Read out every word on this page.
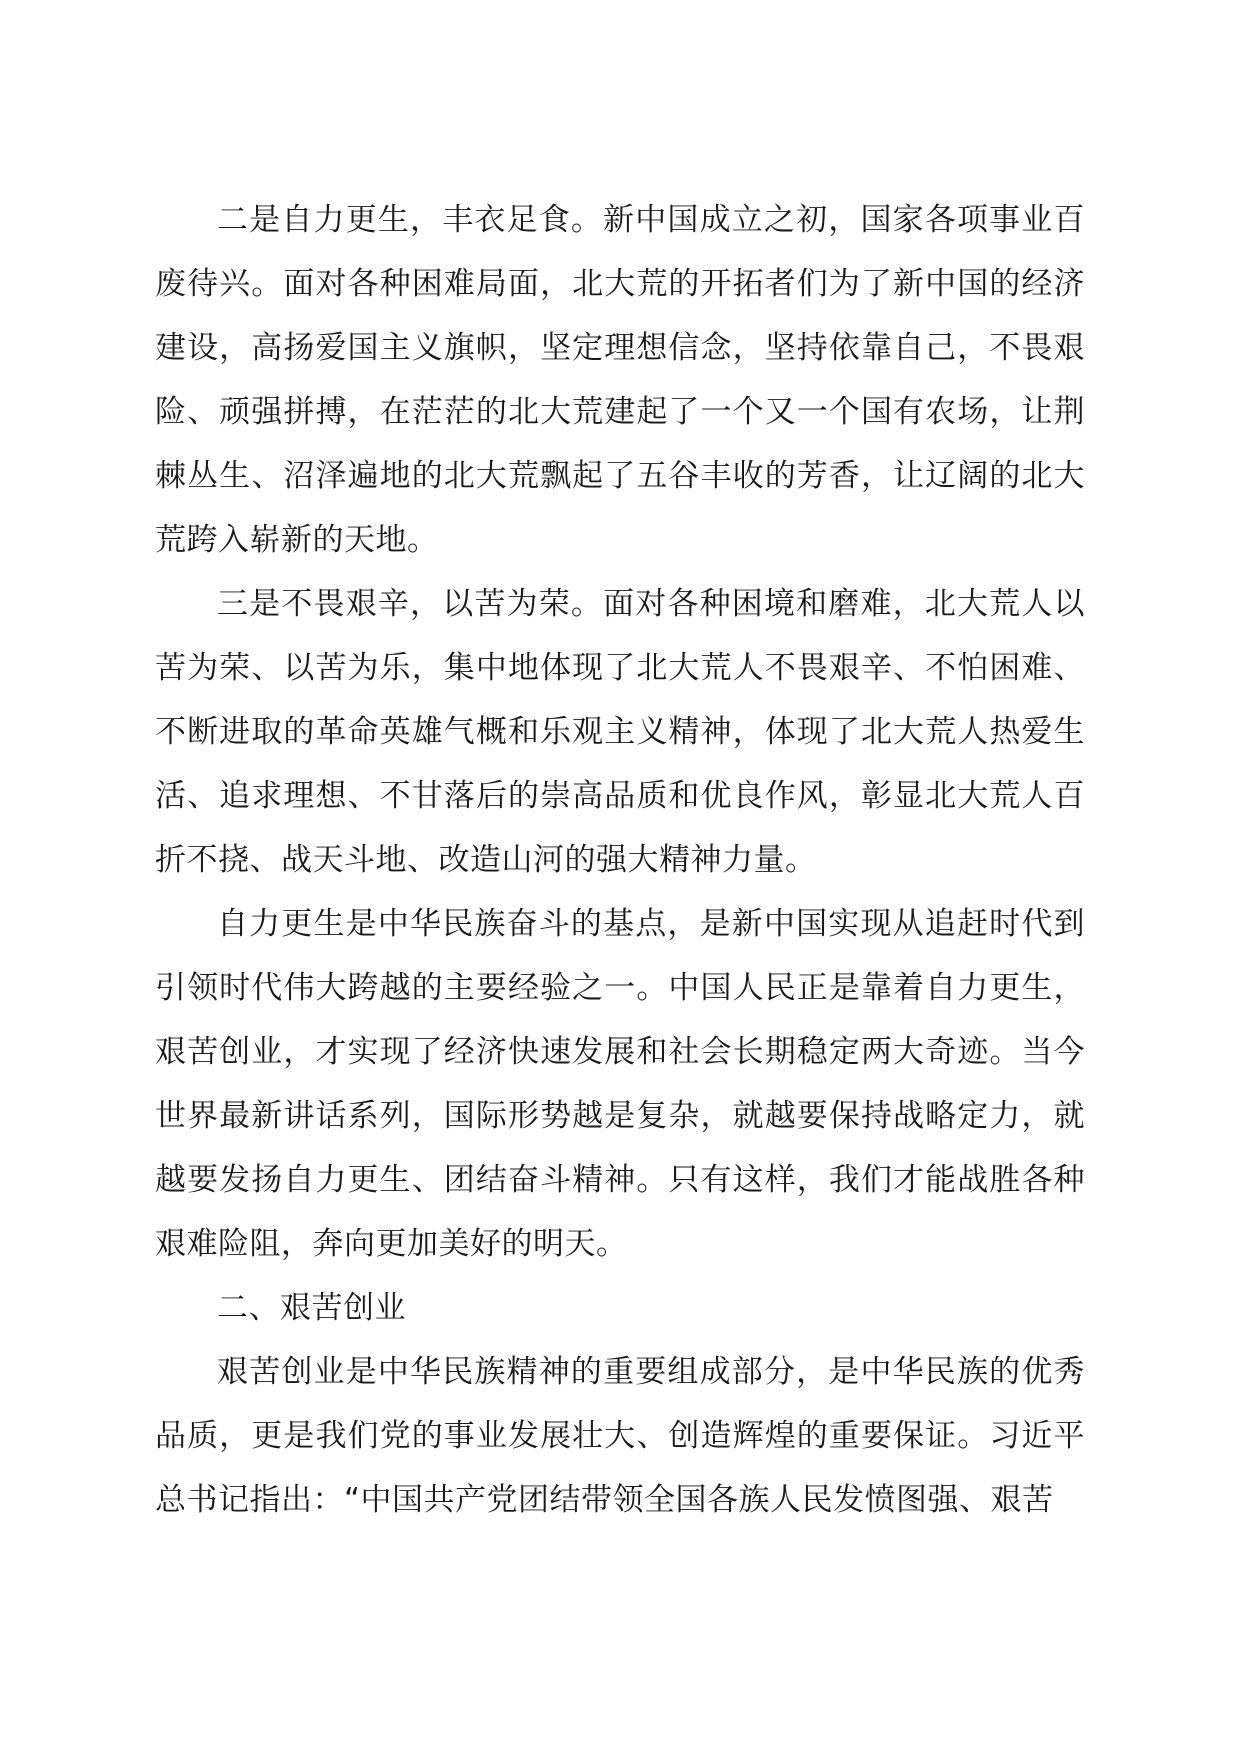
二是自力更生，丰衣足食。新中国成立之初，国家各项事业百废待兴。面对各种困难局面，北大荒的开拓者们为了新中国的经济建设，高扬爱国主义旗帜，坚定理想信念，坚持依靠自己，不畏艰险、顽强拼搏，在茫茫的北大荒建起了一个又一个国有农场，让荆棘丛生、沼泽遍地的北大荒飘起了五谷丰收的芳香，让辽阔的北大荒跨入崭新的天地。

三是不畏艰辛，以苦为荣。面对各种困境和磨难，北大荒人以苦为荣、以苦为乐，集中地体现了北大荒人不畏艰辛、不怕困难、不断进取的革命英雄气概和乐观主义精神，体现了北大荒人热爱生活、追求理想、不甘落后的崇高品质和优良作风，彰显北大荒人百折不挠、战天斗地、改造山河的强大精神力量。

自力更生是中华民族奋斗的基点，是新中国实现从追赶时代到引领时代伟大跨越的主要经验之一。中国人民正是靠着自力更生，艰苦创业，才实现了经济快速发展和社会长期稳定两大奇迹。当今世界最新讲话系列，国际形势越是复杂，就越要保持战略定力，就越要发扬自力更生、团结奋斗精神。只有这样，我们才能战胜各种艰难险阻，奔向更加美好的明天。

二、艰苦创业

艰苦创业是中华民族精神的重要组成部分，是中华民族的优秀品质，更是我们党的事业发展壮大、创造辉煌的重要保证。习近平总书记指出：“中国共产党团结带领全国各族人民发愤图强、艰苦
